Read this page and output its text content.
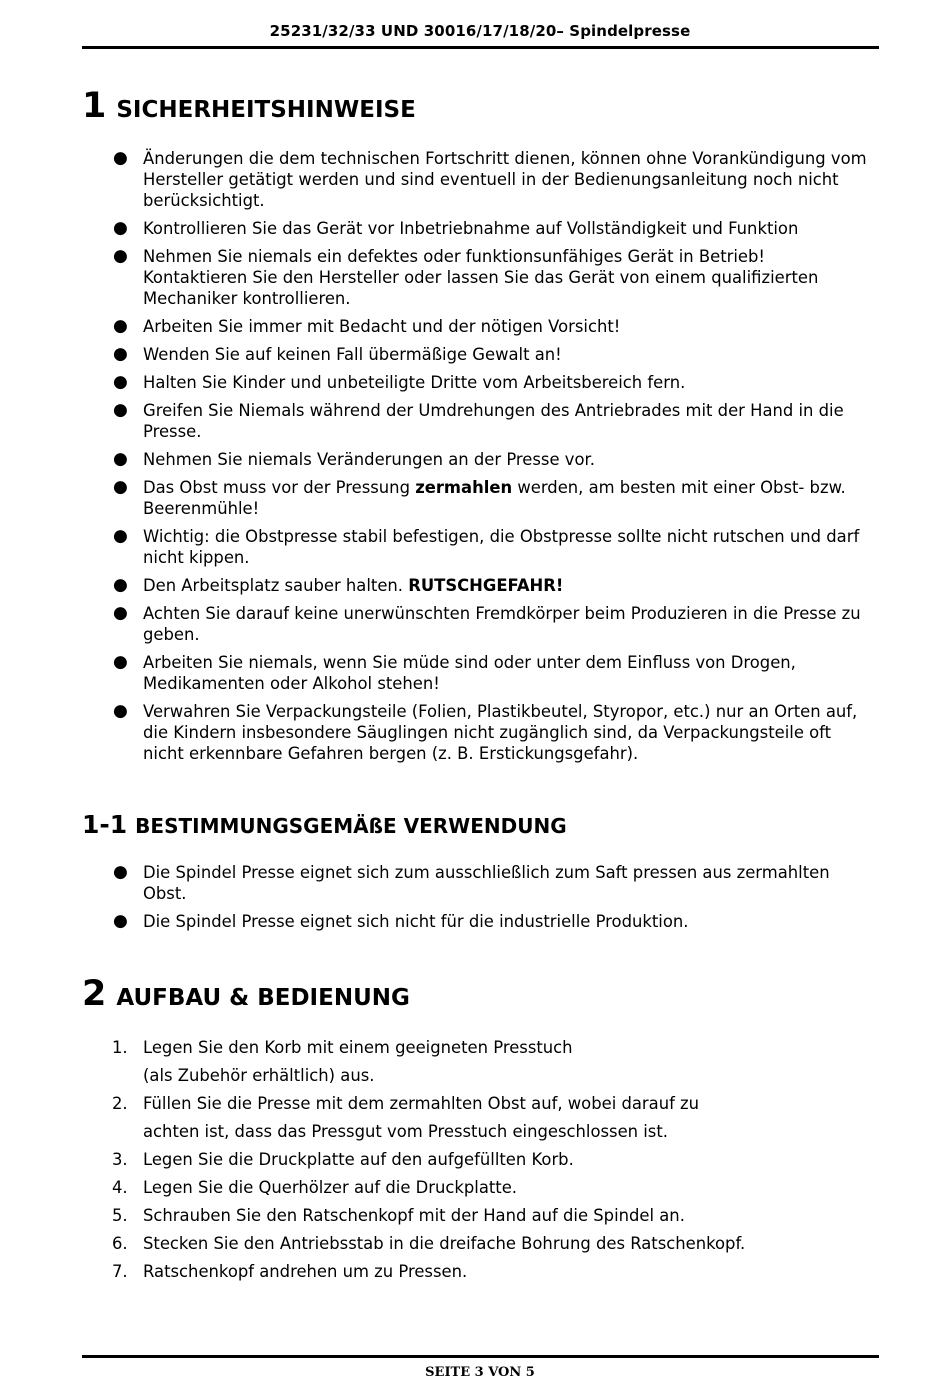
25231/32/33 UND 30016/17/18/20– Spindelpresse
1 SICHERHEITSHINWEISE
● Änderungen die dem technischen Fortschritt dienen, können ohne Vorankündigung vom Hersteller getätigt werden und sind eventuell in der Bedienungsanleitung noch nicht berücksichtigt.
● Kontrollieren Sie das Gerät vor Inbetriebnahme auf Vollständigkeit und Funktion
● Nehmen Sie niemals ein defektes oder funktionsunfähiges Gerät in Betrieb! Kontaktieren Sie den Hersteller oder lassen Sie das Gerät von einem qualifizierten Mechaniker kontrollieren.
● Arbeiten Sie immer mit Bedacht und der nötigen Vorsicht!
● Wenden Sie auf keinen Fall übermäßige Gewalt an!
● Halten Sie Kinder und unbeteiligte Dritte vom Arbeitsbereich fern.
● Greifen Sie Niemals während der Umdrehungen des Antriebrades mit der Hand in die Presse.
● Nehmen Sie niemals Veränderungen an der Presse vor.
● Das Obst muss vor der Pressung zermahlen werden, am besten mit einer Obst- bzw. Beerenmühle!
● Wichtig: die Obstpresse stabil befestigen, die Obstpresse sollte nicht rutschen und darf nicht kippen.
● Den Arbeitsplatz sauber halten. RUTSCHGEFAHR!
● Achten Sie darauf keine unerwünschten Fremdkörper beim Produzieren in die Presse zu geben.
● Arbeiten Sie niemals, wenn Sie müde sind oder unter dem Einfluss von Drogen, Medikamenten oder Alkohol stehen!
● Verwahren Sie Verpackungsteile (Folien, Plastikbeutel, Styropor, etc.) nur an Orten auf, die Kindern insbesondere Säuglingen nicht zugänglich sind, da Verpackungsteile oft nicht erkennbare Gefahren bergen (z. B. Erstickungsgefahr).
1-1 BESTIMMUNGSGEMÄßE VERWENDUNG
● Die Spindel Presse eignet sich zum ausschließlich zum Saft pressen aus zermahlten Obst.
● Die Spindel Presse eignet sich nicht für die industrielle Produktion.
2 AUFBAU & BEDIENUNG
1. Legen Sie den Korb mit einem geeigneten Presstuch
(als Zubehör erhältlich) aus.
2. Füllen Sie die Presse mit dem zermahlten Obst auf, wobei darauf zu
achten ist, dass das Pressgut vom Presstuch eingeschlossen ist.
3. Legen Sie die Druckplatte auf den aufgefüllten Korb.
4. Legen Sie die Querhölzer auf die Druckplatte.
5. Schrauben Sie den Ratschenkopf mit der Hand auf die Spindel an.
6. Stecken Sie den Antriebsstab in die dreifache Bohrung des Ratschenkopf.
7. Ratschenkopf andrehen um zu Pressen.
SEITE 3 VON 5
